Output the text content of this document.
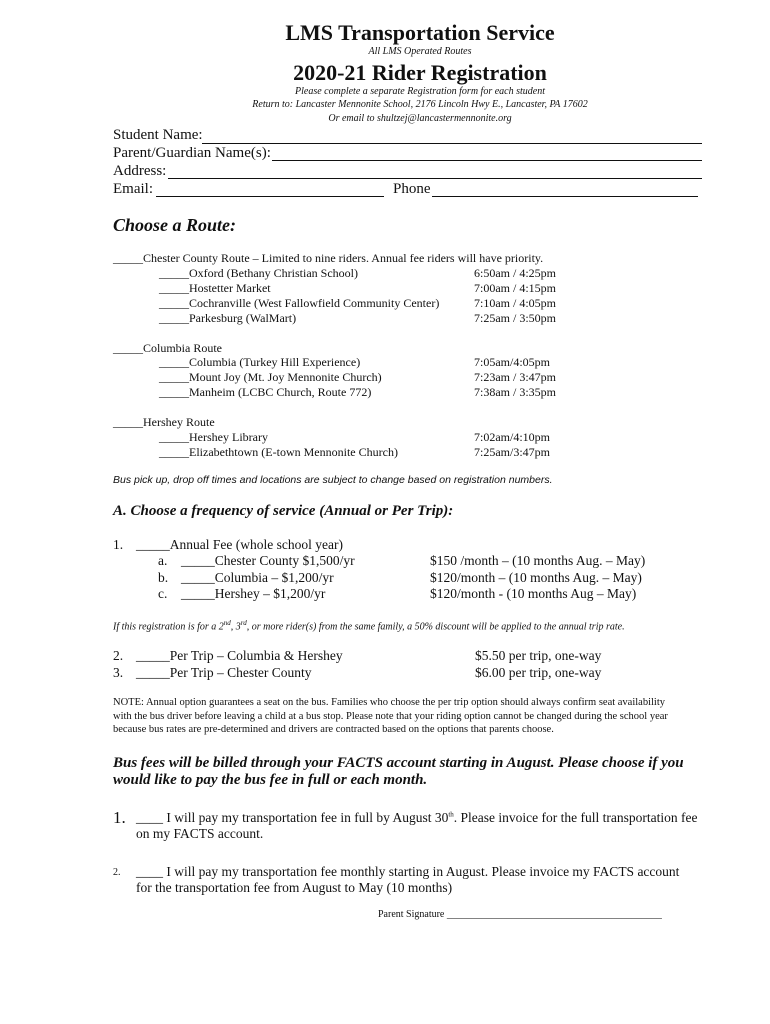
LMS Transportation Service
All LMS Operated Routes
2020-21 Rider Registration
Please complete a separate Registration form for each student
Return to: Lancaster Mennonite School, 2176 Lincoln Hwy E., Lancaster, PA 17602
Or email to shultzej@lancastermennonite.org
Student Name:
Parent/Guardian Name(s):
Address:
Email:	Phone
Choose a Route:
_____Chester County Route – Limited to nine riders. Annual fee riders will have priority.
_____Oxford (Bethany Christian School)	6:50am / 4:25pm
_____Hostetter Market	7:00am / 4:15pm
_____Cochranville (West Fallowfield Community Center)	7:10am / 4:05pm
_____Parkesburg (WalMart)	7:25am / 3:50pm
_____Columbia Route
_____Columbia (Turkey Hill Experience)	7:05am/4:05pm
_____Mount Joy (Mt. Joy Mennonite Church)	7:23am / 3:47pm
_____Manheim (LCBC Church, Route 772)	7:38am / 3:35pm
_____Hershey Route
_____Hershey Library	7:02am/4:10pm
_____Elizabethtown (E-town Mennonite Church)	7:25am/3:47pm
Bus pick up, drop off times and locations are subject to change based on registration numbers.
A. Choose a frequency of service (Annual or Per Trip):
1. _____Annual Fee (whole school year)
a. _____Chester County $1,500/yr	$150 /month – (10 months Aug. – May)
b. _____Columbia – $1,200/yr	$120/month – (10 months Aug. – May)
c. _____Hershey – $1,200/yr	$120/month - (10 months Aug – May)
If this registration is for a 2nd, 3rd, or more rider(s) from the same family, a 50% discount will be applied to the annual trip rate.
2. _____Per Trip – Columbia & Hershey	$5.50 per trip, one-way
3. _____Per Trip – Chester County	$6.00 per trip, one-way
NOTE: Annual option guarantees a seat on the bus. Families who choose the per trip option should always confirm seat availability
with the bus driver before leaving a child at a bus stop. Please note that your riding option cannot be changed during the school year
because bus rates are pre-determined and drivers are contracted based on the options that parents choose.
Bus fees will be billed through your FACTS account starting in August. Please choose if you
would like to pay the bus fee in full or each month.
1. ____ I will pay my transportation fee in full by August 30th. Please invoice for the full transportation fee
on my FACTS account.
2. ____ I will pay my transportation fee monthly starting in August. Please invoice my FACTS account
for the transportation fee from August to May (10 months)
Parent Signature ___________________________________________
